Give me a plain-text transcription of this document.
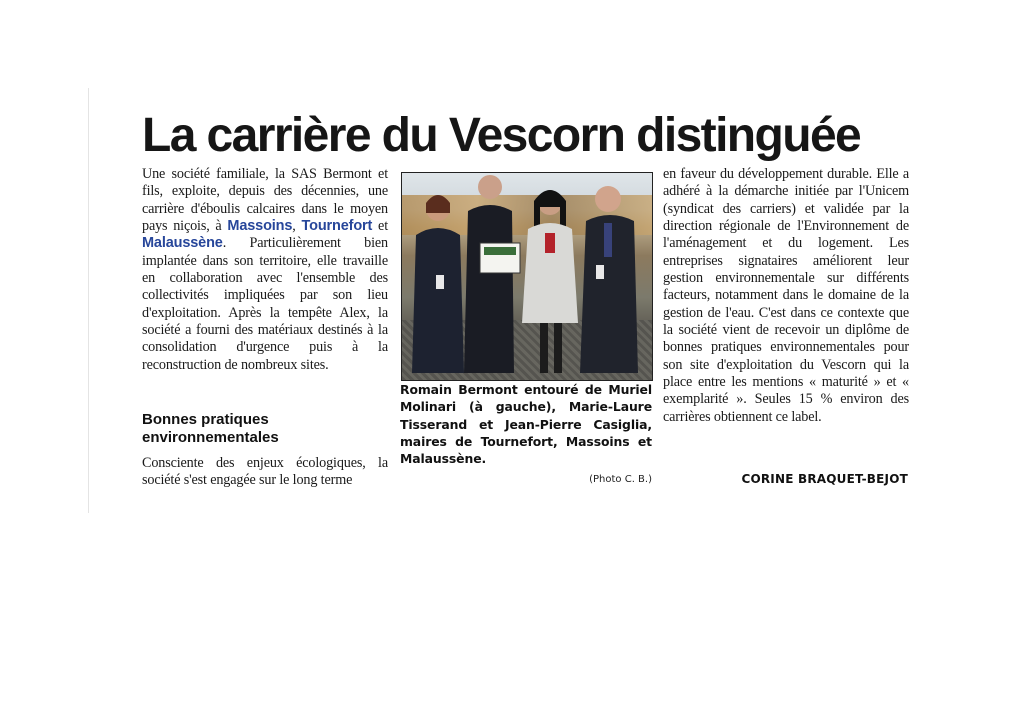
La carrière du Vescorn distinguée

Une société familiale, la SAS Bermont et fils, exploite, depuis des décennies, une carrière d'éboulis calcaires dans le moyen pays niçois, à Massoins, Tournefort et Malaussène. Particulièrement bien implantée dans son territoire, elle travaille en collaboration avec l'ensemble des collectivités impliquées par son lieu d'exploitation. Après la tempête Alex, la société a fourni des matériaux destinés à la consolidation d'urgence puis à la reconstruction de nombreux sites.

Bonnes pratiques environnementales

Consciente des enjeux écologiques, la société s'est engagée sur le long terme

Romain Bermont entouré de Muriel Molinari (à gauche), Marie-Laure Tisserand et Jean-Pierre Casiglia, maires de Tournefort, Massoins et Malaussène.
(Photo C. B.)

en faveur du développement durable. Elle a adhéré à la démarche initiée par l'Unicem (syndicat des carriers) et validée par la direction régionale de l'Environnement de l'aménagement et du logement. Les entreprises signataires améliorent leur gestion environnementale sur différents facteurs, notamment dans le domaine de la gestion de l'eau. C'est dans ce contexte que la société vient de recevoir un diplôme de bonnes pratiques environnementales pour son site d'exploitation du Vescorn qui la place entre les mentions « maturité » et « exemplarité ». Seules 15 % environ des carrières obtiennent ce label.

CORINE BRAQUET-BEJOT
